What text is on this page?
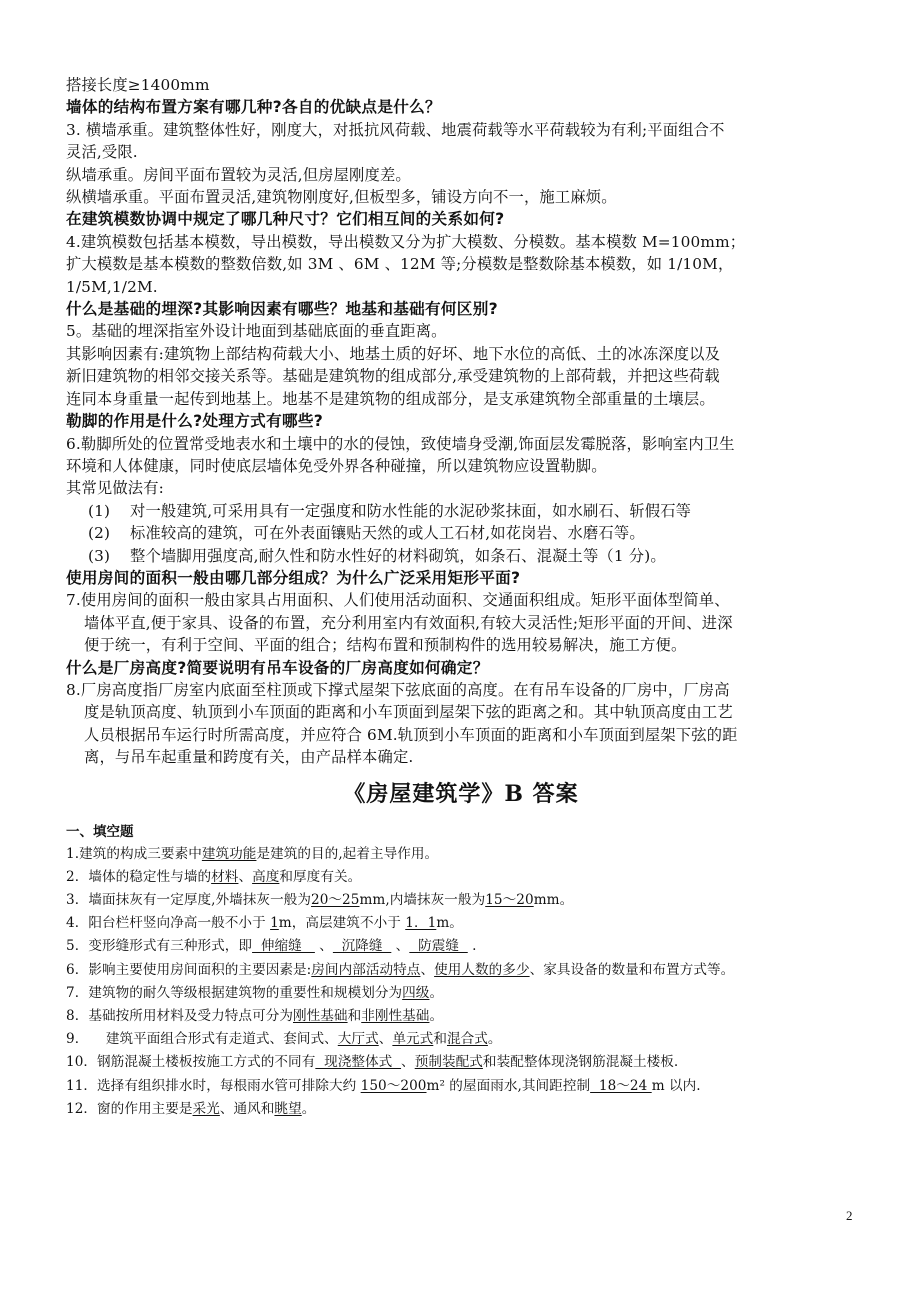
搭接长度≥1400mm

墙体的结构布置方案有哪几种?各自的优缺点是什么？

3. 横墙承重。建筑整体性好，刚度大，对抵抗风荷载、地震荷载等水平荷载较为有利;平面组合不

灵活,受限.

纵墙承重。房间平面布置较为灵活,但房屋刚度差。

纵横墙承重。平面布置灵活,建筑物刚度好,但板型多，铺设方向不一，施工麻烦。

在建筑模数协调中规定了哪几种尺寸？它们相互间的关系如何?

4.建筑模数包括基本模数，导出模数，导出模数又分为扩大模数、分模数。基本模数 M=100mm；

扩大模数是基本模数的整数倍数,如 3M 、6M 、12M 等;分模数是整数除基本模数，如 1/10M，

1/5M,1/2M.

什么是基础的埋深?其影响因素有哪些？地基和基础有何区别?

5。基础的埋深指室外设计地面到基础底面的垂直距离。

其影响因素有:建筑物上部结构荷载大小、地基土质的好坏、地下水位的高低、土的冰冻深度以及

新旧建筑物的相邻交接关系等。基础是建筑物的组成部分,承受建筑物的上部荷载，并把这些荷载

连同本身重量一起传到地基上。地基不是建筑物的组成部分，是支承建筑物全部重量的土壤层。

勒脚的作用是什么?处理方式有哪些?

6.勒脚所处的位置常受地表水和土壤中的水的侵蚀，致使墙身受潮,饰面层发霉脱落，影响室内卫生

环境和人体健康，同时使底层墙体免受外界各种碰撞，所以建筑物应设置勒脚。

其常见做法有:

(1) 对一般建筑,可采用具有一定强度和防水性能的水泥砂浆抹面，如水刷石、斩假石等

(2) 标准较高的建筑，可在外表面镶贴天然的或人工石材,如花岗岩、水磨石等。

(3) 整个墙脚用强度高,耐久性和防水性好的材料砌筑，如条石、混凝土等（1 分)。

使用房间的面积一般由哪几部分组成？为什么广泛采用矩形平面?

7.使用房间的面积一般由家具占用面积、人们使用活动面积、交通面积组成。矩形平面体型简单、

墙体平直,便于家具、设备的布置，充分利用室内有效面积,有较大灵活性;矩形平面的开间、进深

便于统一，有利于空间、平面的组合；结构布置和预制构件的选用较易解决，施工方便。

什么是厂房高度?简要说明有吊车设备的厂房高度如何确定？

8.厂房高度指厂房室内底面至柱顶或下撑式屋架下弦底面的高度。在有吊车设备的厂房中，厂房高

度是轨顶高度、轨顶到小车顶面的距离和小车顶面到屋架下弦的距离之和。其中轨顶高度由工艺

人员根据吊车运行时所需高度，并应符合 6M.轨顶到小车顶面的距离和小车顶面到屋架下弦的距

离，与吊车起重量和跨度有关，由产品样本确定.

《房屋建筑学》B 答案

一、填空题

1.建筑的构成三要素中建筑功能是建筑的目的,起着主导作用。

2．墙体的稳定性与墙的材料、高度和厚度有关。

3．墙面抹灰有一定厚度,外墙抹灰一般为20～25mm,内墙抹灰一般为15～20mm。

4．阳台栏杆竖向净高一般不小于 1m，高层建筑不小于 1．1m。

5．变形缝形式有三种形式，即  伸缩缝    、  沉降缝   、  防震缝   .

6．影响主要使用房间面积的主要因素是:房间内部活动特点、使用人数的多少、家具设备的数量和布置方式等。

7．建筑物的耐久等级根据建筑物的重要性和规模划分为四级。

8．基础按所用材料及受力特点可分为刚性基础和非刚性基础。

9．    建筑平面组合形式有走道式、套间式、大厅式、单元式和混合式。

10．钢筋混凝土楼板按施工方式的不同有  现浇整体式  、预制装配式和装配整体现浇钢筋混凝土楼板.

11．选择有组织排水时，每根雨水管可排除大约 150～200m² 的屋面雨水,其间距控制  18～24 m 以内.

12．窗的作用主要是采光、通风和眺望。

2
